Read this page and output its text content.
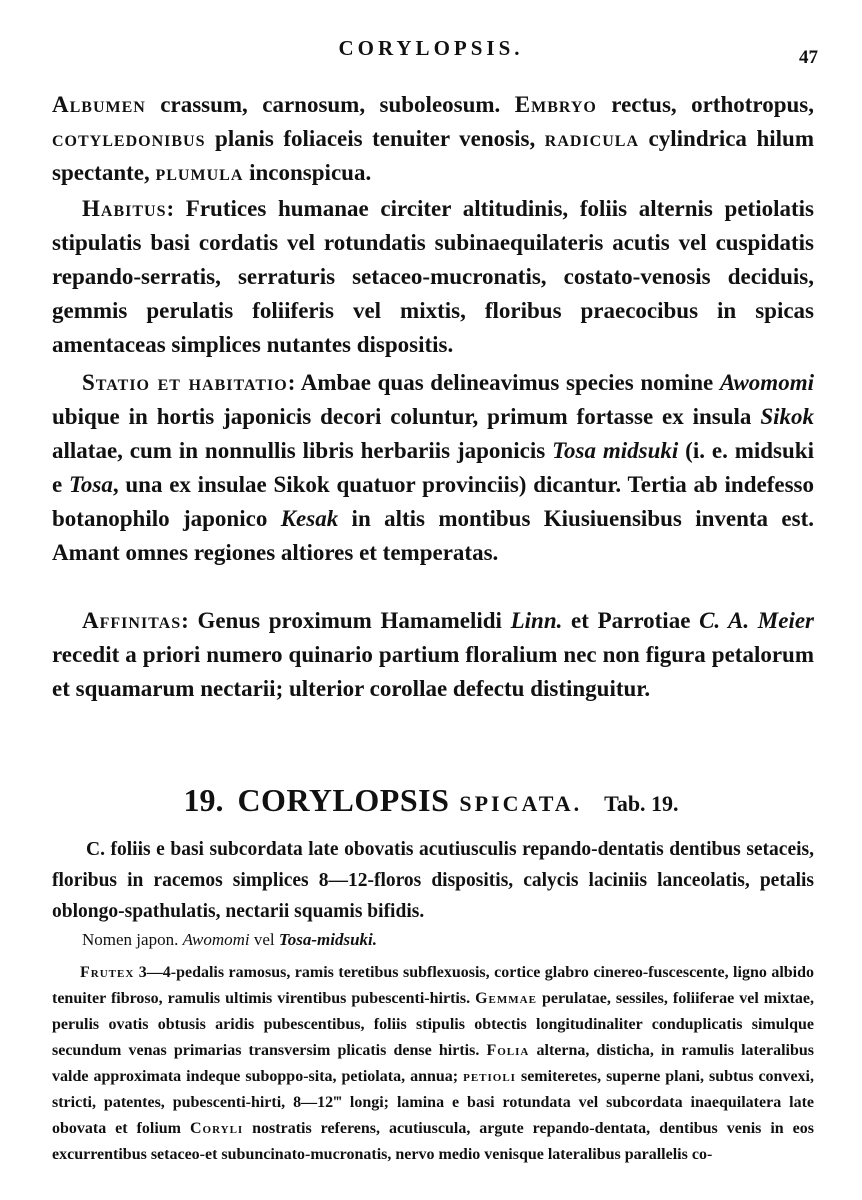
CORYLOPSIS.	47
Albumen crassum, carnosum, suboleosum. Embryo rectus, orthotropus, cotyledonibus planis foliaceis tenuiter venosis, radicula cylindrica hilum spectante, plumula inconspicua.
Habitus: Frutices humanae circiter altitudinis, foliis alternis petiolatis stipulatis basi cordatis vel rotundatis subinaequilateris acutis vel cuspidatis repando-serratis, serraturis setaceo-mucronatis, costato-venosis deciduis, gemmis perulatis foliiferis vel mixtis, floribus praecocibus in spicas amentaceas simplices nutantes dispositis.
Statio et habitatio: Ambae quas delineavimus species nomine Awomomi ubique in hortis japonicis decori coluntur, primum fortasse ex insula Sikok allatae, cum in nonnullis libris herbariis japonicis Tosa midsuki (i. e. midsuki e Tosa, una ex insulae Sikok quatuor provinciis) dicantur. Tertia ab indefesso botanophilo japonico Kesak in altis montibus Kiusiuensibus inventa est. Amant omnes regiones altiores et temperatas.
Affinitas: Genus proximum Hamamelidi Linn. et Parrotiae C. A. Meier recedit a priori numero quinario partium floralium nec non figura petalorum et squamarum nectarii; ulterior corollae defectu distinguitur.
19. CORYLOPSIS SPICATA. Tab. 19.
C. foliis e basi subcordata late obovatis acutiusculis repando-dentatis dentibus setaceis, floribus in racemos simplices 8—12-floros dispositis, calycis laciniis lanceolatis, petalis oblongo-spathulatis, nectarii squamis bifidis.
Nomen japon. Awomomi vel Tosa-midsuki.
Frutex 3—4-pedalis ramosus, ramis teretibus subflexuosis, cortice glabro cinereo-fuscescente, ligno albido tenuiter fibroso, ramulis ultimis virentibus pubescenti-hirtis. Gemmae perulatae, sessiles, foliiferae vel mixtae, perulis ovatis obtusis aridis pubescentibus, foliis stipulis obtectis longitudinaliter conduplicatis simulque secundum venas primarias transversim plicatis dense hirtis. Folia alterna, disticha, in ramulis lateralibus valde approximata indeque suboppo-sita, petiolata, annua; petioli semiteretes, superne plani, subtus convexi, stricti, patentes, pubescenti-hirti, 8—12‴ longi; lamina e basi rotundata vel subcordata inaequilatera late obovata et folium Coryli nostratis referens, acutiuscula, argute repando-dentata, dentibus venis in eos excurrentibus setaceo-et subuncinato-mucronatis, nervo medio venisque lateralibus parallelis co-
